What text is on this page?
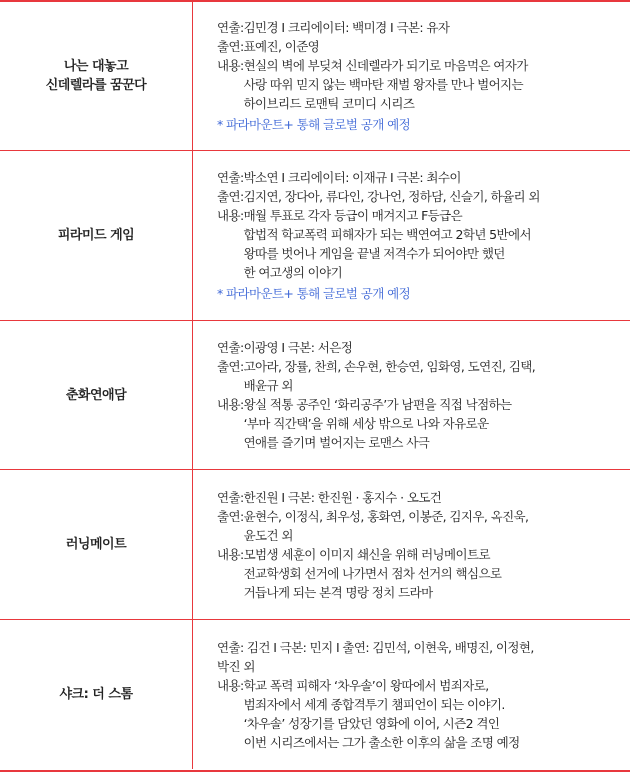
나는 대놓고
신데렐라를 꿈꾼다
연출: 김민경 I 크리에이터: 백미경 I 극본: 유자
출연: 표예진, 이준영
내용: 현실의 벽에 부딪쳐 신데렐라가 되기로 마음먹은 여자가
사랑 따위 믿지 않는 백마탄 재벌 왕자를 만나 벌어지는
하이브리드 로맨틱 코미디 시리즈
* 파라마운트+ 통해 글로벌 공개 예정
피라미드 게임
연출: 박소연 I 크리에이터: 이재규 I 극본: 최수이
출연: 김지연, 장다아, 류다인, 강나언, 정하담, 신슬기, 하율리 외
내용: 매월 투표로 각자 등급이 매겨지고 F등급은
합법적 학교폭력 피해자가 되는 백연여고 2학년 5반에서
왕따를 벗어나 게임을 끝낼 저격수가 되어야만 했던
한 여고생의 이야기
* 파라마운트+ 통해 글로벌 공개 예정
춘화연애담
연출: 이광영 I 극본: 서은정
출연: 고아라, 장률, 찬희, 손우현, 한승연, 임화영, 도연진, 김택,
배윤규 외
내용: 왕실 적통 공주인 ‘화리공주’가 남편을 직접 낙점하는
‘부마 직간택’을 위해 세상 밖으로 나와 자유로운
연애를 즐기며 벌어지는 로맨스 사극
러닝메이트
연출: 한진원 I 극본: 한진원 · 홍지수 · 오도건
출연: 윤현수, 이정식, 최우성, 홍화연, 이봉준, 김지우, 옥진욱,
윤도건 외
내용: 모범생 세훈이 이미지 쇄신을 위해 러닝메이트로
전교학생회 선거에 나가면서 점차 선거의 핵심으로
거듭나게 되는 본격 명랑 정치 드라마
샤크: 더 스톰
연출: 김건 I 극본: 민지 I 출연: 김민석, 이현욱, 배명진, 이정현,
박진 외
내용: 학교 폭력 피해자 ‘차우솔’이 왕따에서 범죄자로,
범죄자에서 세계 종합격투기 챔피언이 되는 이야기.
‘차우솔’ 성장기를 담았던 영화에 이어, 시즌2 격인
이번 시리즈에서는 그가 출소한 이후의 삶을 조명 예정
